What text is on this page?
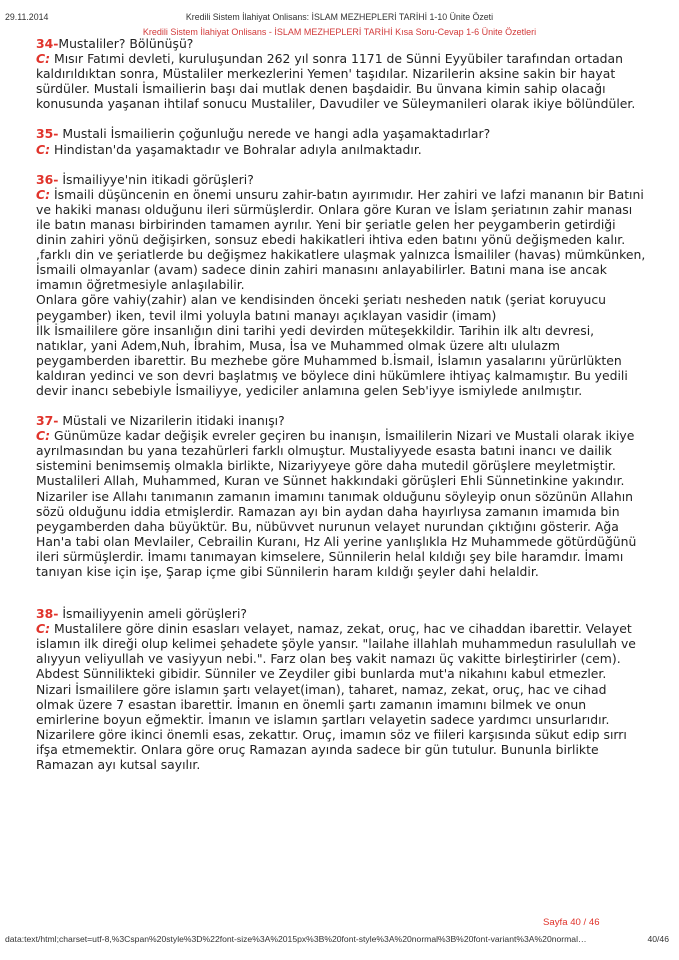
29.11.2014	Kredili Sistem İlahiyat Onlisans: İSLAM MEZHEPLERİ TARİHİ 1-10 Ünite Özeti
Kredili Sistem İlahiyat Onlisans - İSLAM MEZHEPLERİ TARİHİ Kısa Soru-Cevap 1-6 Ünite Özetleri
34-Mustaliler? Bölünüşü?
C: Mısır Fatımi devleti, kuruluşundan 262 yıl sonra 1171 de Sünni Eyyübiler tarafından ortadan kaldırıldıktan sonra, Müstaliler merkezlerini Yemen' taşıdılar. Nizarilerin aksine sakin bir hayat sürdüler. Mustali İsmailierin başı dai mutlak denen başdaidir. Bu ünvana kimin sahip olacağı konusunda yaşanan ihtilaf sonucu Mustaliler, Davudiler ve Süleymanileri olarak ikiye bölündüler.
35- Mustali İsmailierin çoğunluğu nerede ve hangi adla yaşamaktadırlar?
C: Hindistan'da yaşamaktadır ve Bohralar adıyla anılmaktadır.
36- İsmailiyye'nin itikadi görüşleri?
C: İsmaili düşüncenin en önemi unsuru zahir-batın ayırımıdır. Her zahiri ve lafzi mananın bir Batıni ve hakiki manası olduğunu ileri sürmüşlerdir. Onlara göre Kuran ve İslam şeriatının zahir manası ile batın manası birbirinden tamamen ayrılır. Yeni bir şeriatle gelen her peygamberin getirdiği dinin zahiri yönü değişirken, sonsuz ebedi hakikatleri ihtiva eden batını yönü değişmeden kalır. ,farklı din ve şeriatlerde bu değişmez hakikatlere ulaşmak yalnızca İsmaililer (havas) mümkünken, İsmaili olmayanlar (avam) sadece dinin zahiri manasını anlayabilirler. Batıni mana ise ancak imamın öğretmesiyle anlaşılabilir.
Onlara göre vahiy(zahir) alan ve kendisinden önceki şeriatı nesheden natık (şeriat koruyucu peygamber) iken, tevil ilmi yoluyla batıni manayı açıklayan vasidir (imam)
İlk İsmaililere göre insanlığın dini tarihi yedi devirden müteşekkildir. Tarihin ilk altı devresi, natıklar, yani Adem,Nuh, İbrahim, Musa, İsa ve Muhammed olmak üzere altı ululazm peygamberden ibarettir. Bu mezhebe göre Muhammed b.İsmail, İslamın yasalarını yürürlükten kaldıran yedinci ve son devri başlatmış ve böylece dini hükümlere ihtiyaç kalmamıştır. Bu yedili devir inancı sebebiyle İsmailiyye, yediciler anlamına gelen Seb'iyye ismiylede anılmıştır.
37- Müstali ve Nizarilerin itidaki inanışı?
C: Günümüze kadar değişik evreler geçiren bu inanışın, İsmaililerin Nizari ve Mustali olarak ikiye ayrılmasından bu yana tezahürleri farklı olmuştur. Mustaliyyede esasta batıni inancı ve dailik sistemini benimsemiş olmakla birlikte, Nizariyyeye göre daha mutedil görüşlere meyletmiştir. Mustalileri Allah, Muhammed, Kuran ve Sünnet hakkındaki görüşleri Ehli Sünnetinkine yakındır. Nizariler ise Allahı tanımanın zamanın imamını tanımak olduğunu söyleyip onun sözünün Allahın sözü olduğunu iddia etmişlerdir. Ramazan ayı bin aydan daha hayırlıysa zamanın imamıda bin peygamberden daha büyüktür. Bu, nübüvvet nurunun velayet nurundan çıktığını gösterir. Ağa Han'a tabi olan Mevlailer, Cebrailin Kuranı, Hz Ali yerine yanlışlıkla Hz Muhammede götürdüğünü ileri sürmüşlerdir. İmamı tanımayan kimselere, Sünnilerin helal kıldığı şey bile haramdır. İmamı tanıyan kise için işe, Şarap içme gibi Sünnilerin haram kıldığı şeyler dahi helaldir.
38- İsmailiyyenin ameli görüşleri?
C: Mustalilere göre dinin esasları velayet, namaz, zekat, oruç, hac ve cihaddan ibarettir. Velayet islamın ilk direği olup kelimei şehadete şöyle yansır. "lailahe illahlah muhammedun rasulullah ve alıyyun veliyullah ve vasiyyun nebi.". Farz olan beş vakit namazı üç vakitte birleştirirler (cem). Abdest Sünnilikteki gibidir. Sünniler ve Zeydiler gibi bunlarda mut'a nikahını kabul etmezler.
Nizari İsmaililere göre islamın şartı velayet(iman), taharet, namaz, zekat, oruç, hac ve cihad olmak üzere 7 esastan ibarettir. İmanın en önemli şartı zamanın imamını bilmek ve onun emirlerine boyun eğmektir. İmanın ve islamın şartları velayetin sadece yardımcı unsurlarıdır. Nizarilere göre ikinci önemli esas, zekattır. Oruç, imamın söz ve fiileri karşısında sükut edip sırrı ifşa etmemektir. Onlara göre oruç Ramazan ayında sadece bir gün tutulur. Bununla birlikte Ramazan ayı kutsal sayılır.
Sayfa 40 / 46
data:text/html;charset=utf-8,%3Cspan%20style%3D%22font-size%3A%2015px%3B%20font-style%3A%20normal%3B%20font-variant%3A%20normal…	40/46
